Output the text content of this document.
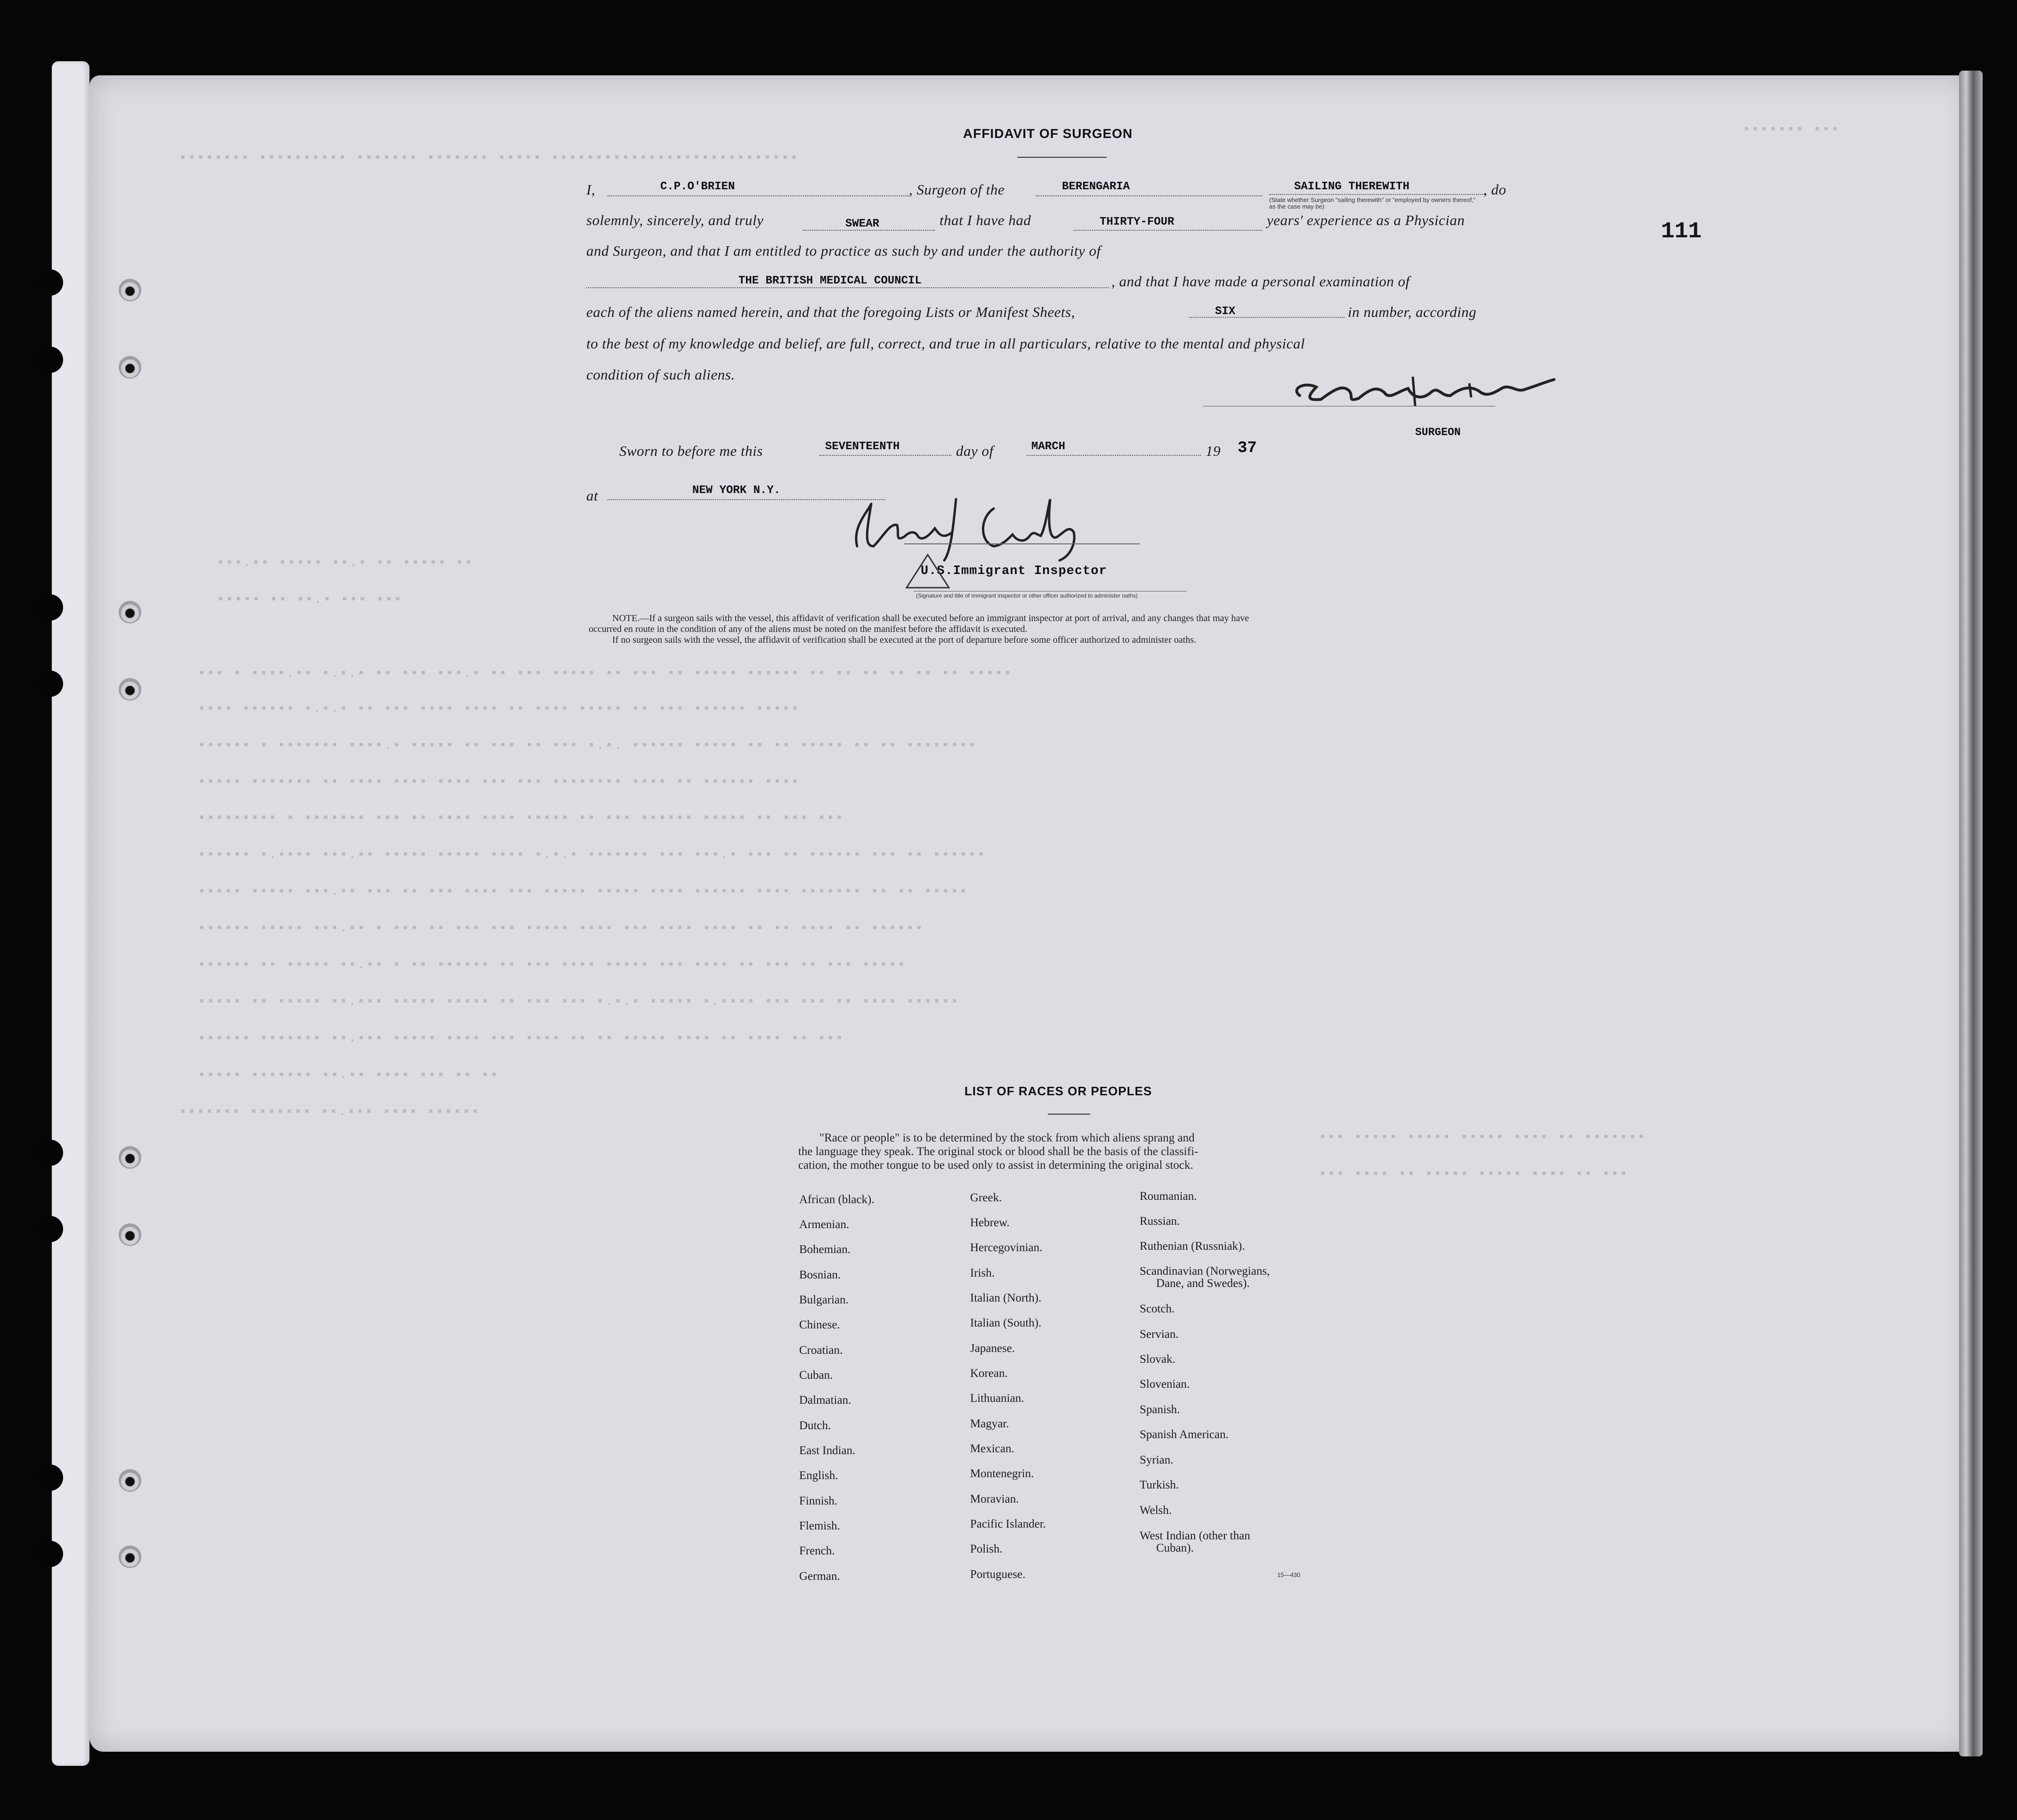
▪▪▪.▪▪ ▪▪▪▪▪ ▪▪.▪ ▪▪ ▪▪▪▪▪ ▪▪
▪▪▪▪▪ ▪▪ ▪▪.▪ ▪▪▪ ▪▪▪
▪▪▪ ▪ ▪▪▪▪.▪▪ ▪.▪.▪ ▪▪ ▪▪▪ ▪▪▪.▪ ▪▪ ▪▪▪ ▪▪▪▪▪ ▪▪ ▪▪▪ ▪▪ ▪▪▪▪▪ ▪▪▪▪▪▪ ▪▪ ▪▪ ▪▪ ▪▪ ▪▪ ▪▪ ▪▪▪▪▪
▪▪▪▪ ▪▪▪▪▪▪ ▪.▪.▪ ▪▪ ▪▪▪ ▪▪▪▪ ▪▪▪▪ ▪▪ ▪▪▪▪ ▪▪▪▪▪ ▪▪ ▪▪▪ ▪▪▪▪▪▪ ▪▪▪▪▪
▪▪▪▪▪▪ ▪ ▪▪▪▪▪▪▪ ▪▪▪▪.▪ ▪▪▪▪▪ ▪▪ ▪▪▪ ▪▪ ▪▪▪ ▪.▪. ▪▪▪▪▪▪ ▪▪▪▪▪ ▪▪ ▪▪ ▪▪▪▪▪ ▪▪ ▪▪ ▪▪▪▪▪▪▪▪
▪▪▪▪▪ ▪▪▪▪▪▪▪ ▪▪ ▪▪▪▪ ▪▪▪▪ ▪▪▪▪ ▪▪▪ ▪▪▪ ▪▪▪▪▪▪▪▪ ▪▪▪▪ ▪▪ ▪▪▪▪▪▪ ▪▪▪▪
▪▪▪▪▪▪▪▪▪ ▪ ▪▪▪▪▪▪▪ ▪▪▪ ▪▪ ▪▪▪▪ ▪▪▪▪ ▪▪▪▪▪ ▪▪ ▪▪▪ ▪▪▪▪▪▪ ▪▪▪▪▪ ▪▪ ▪▪▪ ▪▪▪
▪▪▪▪▪▪ ▪.▪▪▪▪ ▪▪▪.▪▪ ▪▪▪▪▪ ▪▪▪▪▪ ▪▪▪▪ ▪.▪.▪ ▪▪▪▪▪▪▪ ▪▪▪ ▪▪▪.▪ ▪▪▪ ▪▪ ▪▪▪▪▪▪ ▪▪▪ ▪▪ ▪▪▪▪▪▪
▪▪▪▪▪ ▪▪▪▪▪ ▪▪▪.▪▪ ▪▪▪ ▪▪ ▪▪▪ ▪▪▪▪ ▪▪▪ ▪▪▪▪▪ ▪▪▪▪▪ ▪▪▪▪ ▪▪▪▪▪▪ ▪▪▪▪ ▪▪▪▪▪▪▪ ▪▪ ▪▪ ▪▪▪▪▪
▪▪▪▪▪▪ ▪▪▪▪▪ ▪▪▪.▪▪ ▪ ▪▪▪ ▪▪ ▪▪▪ ▪▪▪ ▪▪▪▪▪ ▪▪▪▪ ▪▪▪ ▪▪▪▪ ▪▪▪▪ ▪▪ ▪▪ ▪▪▪▪ ▪▪ ▪▪▪▪▪▪
▪▪▪▪▪▪ ▪▪ ▪▪▪▪▪ ▪▪.▪▪ ▪ ▪▪ ▪▪▪▪▪▪ ▪▪ ▪▪▪ ▪▪▪▪ ▪▪▪▪▪ ▪▪▪ ▪▪▪▪ ▪▪ ▪▪▪ ▪▪ ▪▪▪ ▪▪▪▪▪
▪▪▪▪▪ ▪▪ ▪▪▪▪▪ ▪▪.▪▪▪ ▪▪▪▪▪ ▪▪▪▪▪ ▪▪ ▪▪▪ ▪▪▪ ▪.▪.▪ ▪▪▪▪▪ ▪.▪▪▪▪ ▪▪▪ ▪▪▪ ▪▪ ▪▪▪▪ ▪▪▪▪▪▪
▪▪▪▪▪▪ ▪▪▪▪▪▪▪ ▪▪.▪▪▪ ▪▪▪▪▪ ▪▪▪▪ ▪▪▪ ▪▪▪▪ ▪▪ ▪▪ ▪▪▪▪▪ ▪▪▪▪ ▪▪ ▪▪▪▪ ▪▪ ▪▪▪
▪▪▪▪▪ ▪▪▪▪▪▪▪ ▪▪.▪▪ ▪▪▪▪ ▪▪▪ ▪▪ ▪▪
▪▪▪▪▪▪▪ ▪▪▪▪▪▪▪ ▪▪.▪▪▪ ▪▪▪▪ ▪▪▪▪▪▪
▪▪▪ ▪▪▪▪▪ ▪▪▪▪▪ ▪▪▪▪▪ ▪▪▪▪ ▪▪ ▪▪▪▪▪▪▪
▪▪▪ ▪▪▪▪ ▪▪ ▪▪▪▪▪ ▪▪▪▪▪ ▪▪▪▪ ▪▪ ▪▪▪
▪▪▪▪▪▪▪▪ ▪▪▪▪▪▪▪▪▪▪ ▪▪▪▪▪▪▪ ▪▪▪▪▪▪▪ ▪▪▪▪▪ ▪▪▪▪▪▪▪▪▪▪▪▪▪▪▪▪▪▪▪▪▪▪▪▪▪▪▪▪
▪▪▪▪▪▪▪ ▪▪▪
AFFIDAVIT OF SURGEON
111
I,	C.P.O'BRIEN	, Surgeon of the	BERENGARIA	SAILING THEREWITH	, do
(State whether Surgeon "sailing therewith" or "employed by owners thereof," as the case may be)
solemnly, sincerely, and truly	SWEAR	that I have had	THIRTY-FOUR	years' experience as a Physician
and Surgeon, and that I am entitled to practice as such by and under the authority of
THE BRITISH MEDICAL COUNCIL	, and that I have made a personal examination of
each of the aliens named herein, and that the foregoing Lists or Manifest Sheets,	SIX	in number, according
to the best of my knowledge and belief, are full, correct, and true in all particulars, relative to the mental and physical
condition of such aliens.
SURGEON
Sworn to before me this	SEVENTEENTH	day of	MARCH	19 37
at	NEW YORK N.Y.
U.S.Immigrant Inspector
(Signature and title of immigrant inspector or other officer authorized to administer oaths)
NOTE.—If a surgeon sails with the vessel, this affidavit of verification shall be executed before an immigrant inspector at port of arrival, and any changes that may have
occurred en route in the condition of any of the aliens must be noted on the manifest before the affidavit is executed.
If no surgeon sails with the vessel, the affidavit of verification shall be executed at the port of departure before some officer authorized to administer oaths.
LIST OF RACES OR PEOPLES
"Race or people" is to be determined by the stock from which aliens sprang and
the language they speak. The original stock or blood shall be the basis of the classifi-
cation, the mother tongue to be used only to assist in determining the original stock.
African (black).
Armenian.
Bohemian.
Bosnian.
Bulgarian.
Chinese.
Croatian.
Cuban.
Dalmatian.
Dutch.
East Indian.
English.
Finnish.
Flemish.
French.
German.
Greek.
Hebrew.
Hercegovinian.
Irish.
Italian (North).
Italian (South).
Japanese.
Korean.
Lithuanian.
Magyar.
Mexican.
Montenegrin.
Moravian.
Pacific Islander.
Polish.
Portuguese.
Roumanian.
Russian.
Ruthenian (Russniak).
Scandinavian (Norwegians,
Dane, and Swedes).
Scotch.
Servian.
Slovak.
Slovenian.
Spanish.
Spanish American.
Syrian.
Turkish.
Welsh.
West Indian (other than
Cuban).
15—430
